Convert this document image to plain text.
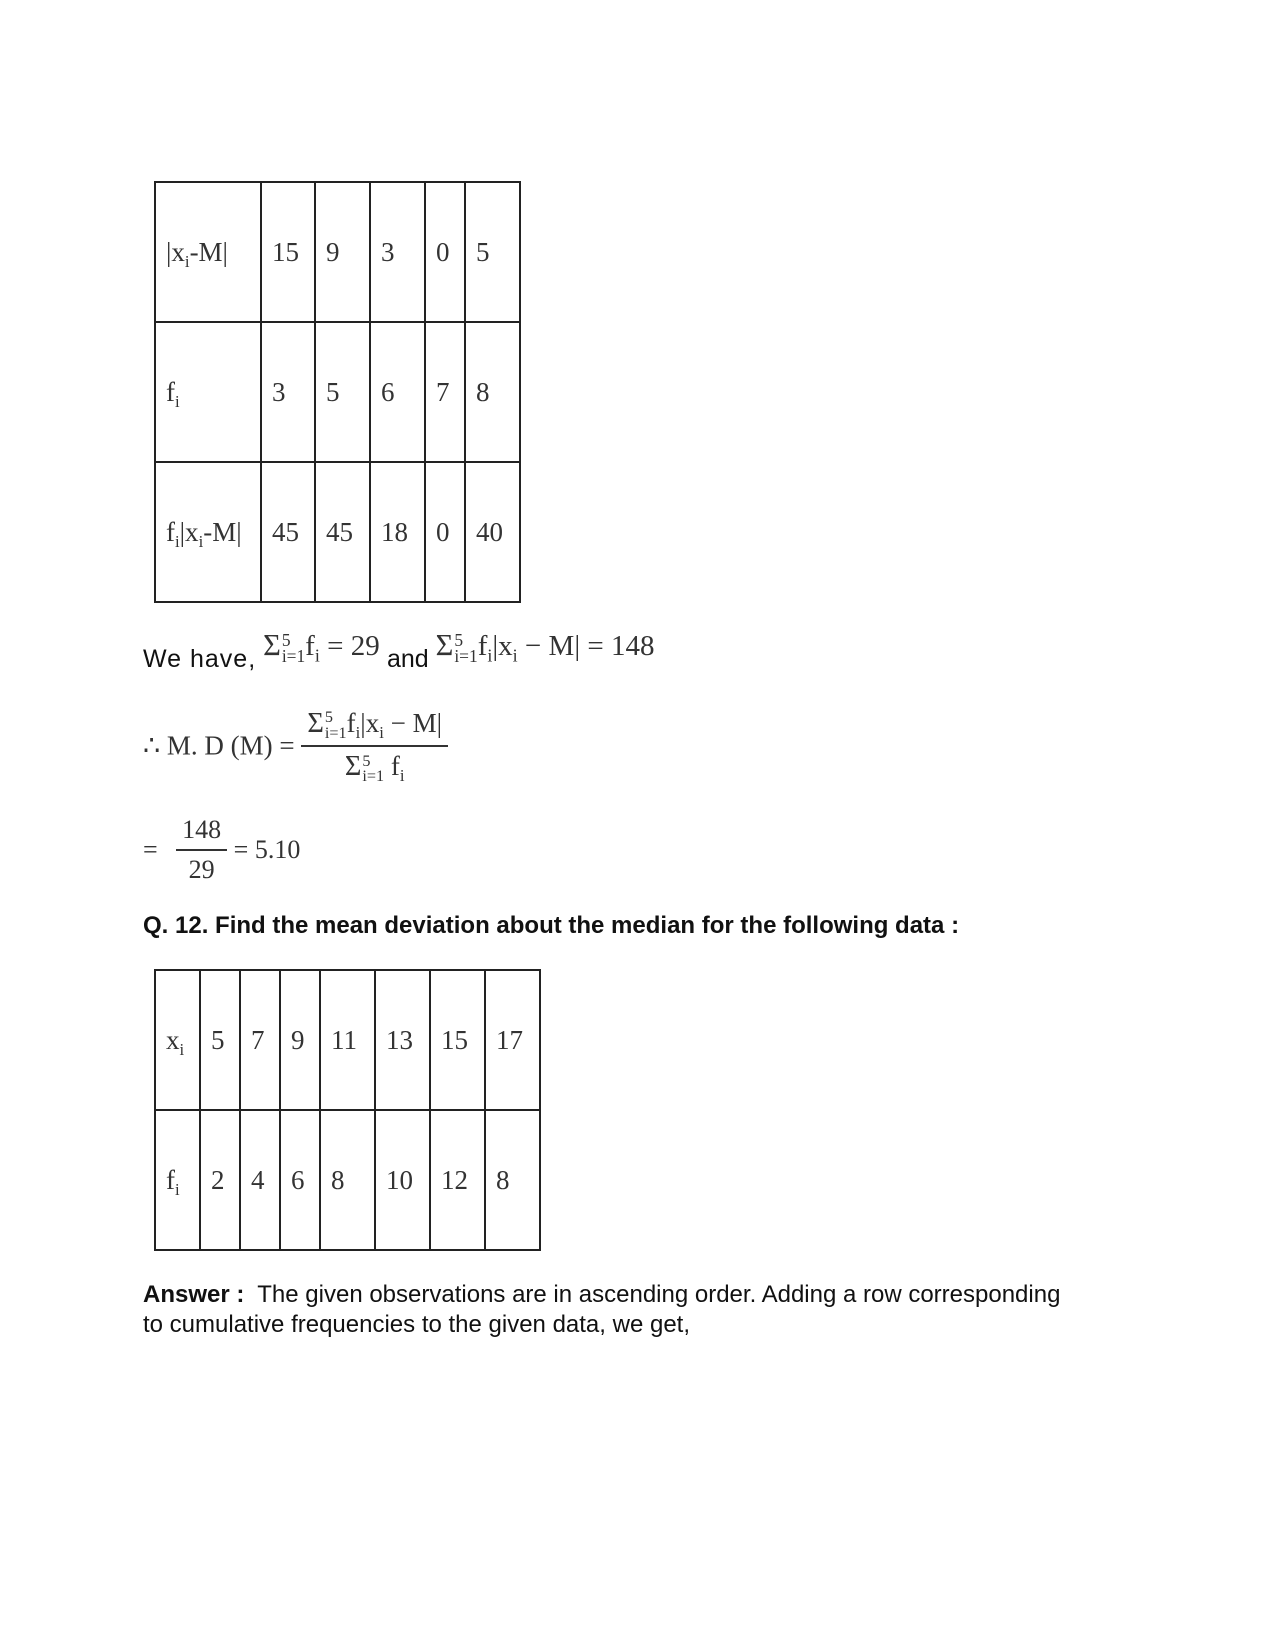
$|x_i-M|$	15	9	3	0	5
$f_i$	3	5	6	7	8
$f_i|x_i-M|$	45	45	18	0	40
We have, Σ 5
i=1 $f_i = 29$ and Σ 5
i=1 $f_i|x_i - M| = 148$
∴ M. D (M) = Σ 5
i=1 $f_i|x_i - M|$
Σ 5
i=1 $f_i$
= $\frac{148}{29} = 5.10$
Q. 12. Find the mean deviation about the median for the following data :
$x_i$	5	7	9	11	13	15	17
$f_i$	2	4	6	8	10	12	8
Answer : The given observations are in ascending order. Adding a row corresponding
to cumulative frequencies to the given data, we get,
